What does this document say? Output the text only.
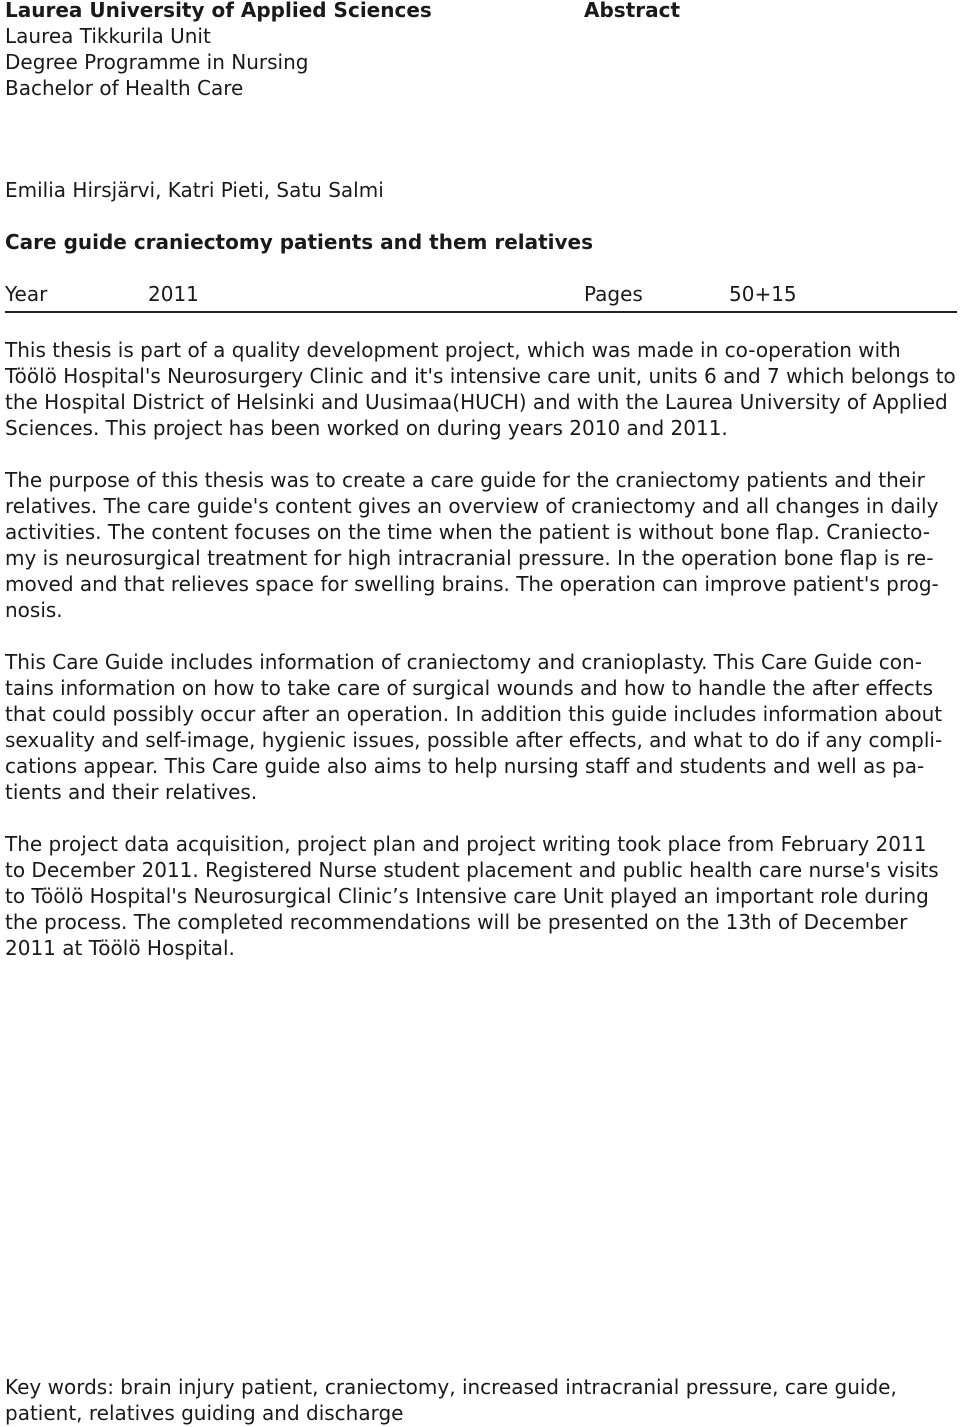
Laurea University of Applied Sciences
Laurea Tikkurila Unit
Degree Programme in Nursing
Bachelor of Health Care
Abstract
Emilia Hirsjärvi, Katri Pieti, Satu Salmi
Care guide craniectomy patients and them relatives
Year	2011	Pages	50+15

This thesis is part of a quality development project, which was made in co-operation with
Töölö Hospital's Neurosurgery Clinic and it's intensive care unit, units 6 and 7 which belongs to
the Hospital District of Helsinki and Uusimaa(HUCH) and with the Laurea University of Applied
Sciences. This project has been worked on during years 2010 and 2011.

The purpose of this thesis was to create a care guide for the craniectomy patients and their
relatives. The care guide's content gives an overview of craniectomy and all changes in daily
activities. The content focuses on the time when the patient is without bone flap. Craniecto-
my is neurosurgical treatment for high intracranial pressure. In the operation bone flap is re-
moved and that relieves space for swelling brains. The operation can improve patient's prog-
nosis.

This Care Guide includes information of craniectomy and cranioplasty. This Care Guide con-
tains information on how to take care of surgical wounds and how to handle the after effects
that could possibly occur after an operation. In addition this guide includes information about
sexuality and self-image, hygienic issues, possible after effects, and what to do if any compli-
cations appear. This Care guide also aims to help nursing staff and students and well as pa-
tients and their relatives.

The project data acquisition, project plan and project writing took place from February 2011
to December 2011. Registered Nurse student placement and public health care nurse's visits
to Töölö Hospital's Neurosurgical Clinic’s Intensive care Unit played an important role during
the process. The completed recommendations will be presented on the 13th of December
2011 at Töölö Hospital.

Key words: brain injury patient, craniectomy, increased intracranial pressure, care guide,
patient, relatives guiding and discharge
